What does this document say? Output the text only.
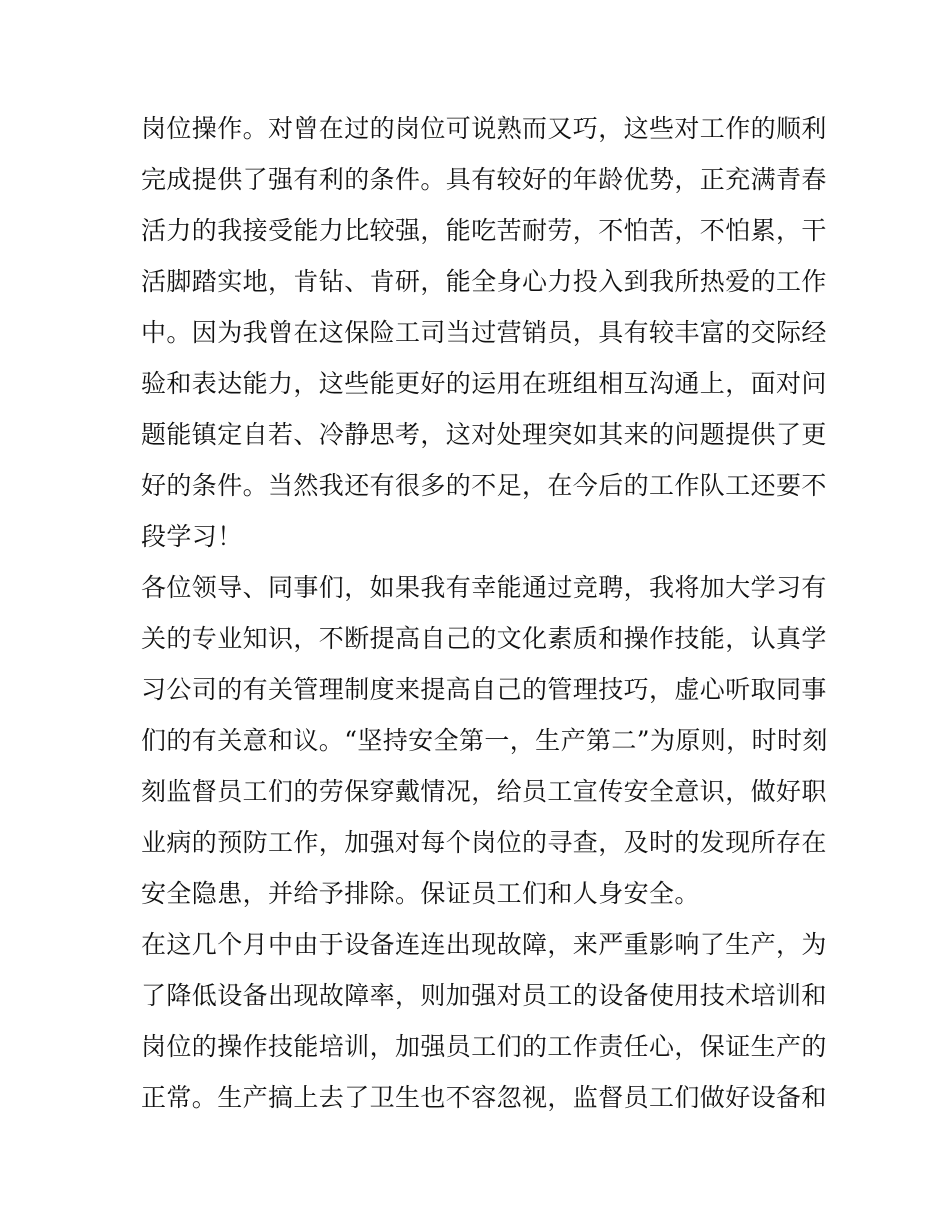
岗位操作。对曾在过的岗位可说熟而又巧，这些对工作的顺利
完成提供了强有利的条件。具有较好的年龄优势，正充满青春
活力的我接受能力比较强，能吃苦耐劳，不怕苦，不怕累，干
活脚踏实地，肯钻、肯研，能全身心力投入到我所热爱的工作
中。因为我曾在这保险工司当过营销员，具有较丰富的交际经
验和表达能力，这些能更好的运用在班组相互沟通上，面对问
题能镇定自若、冷静思考，这对处理突如其来的问题提供了更
好的条件。当然我还有很多的不足，在今后的工作队工还要不
段学习！
各位领导、同事们，如果我有幸能通过竞聘，我将加大学习有
关的专业知识，不断提高自己的文化素质和操作技能，认真学
习公司的有关管理制度来提高自己的管理技巧，虚心听取同事
们的有关意和议。“坚持安全第一，生产第二”为原则，时时刻
刻监督员工们的劳保穿戴情况，给员工宣传安全意识，做好职
业病的预防工作，加强对每个岗位的寻查，及时的发现所存在
安全隐患，并给予排除。保证员工们和人身安全。
在这几个月中由于设备连连出现故障，来严重影响了生产，为
了降低设备出现故障率，则加强对员工的设备使用技术培训和
岗位的操作技能培训，加强员工们的工作责任心，保证生产的
正常。生产搞上去了卫生也不容忽视，监督员工们做好设备和
